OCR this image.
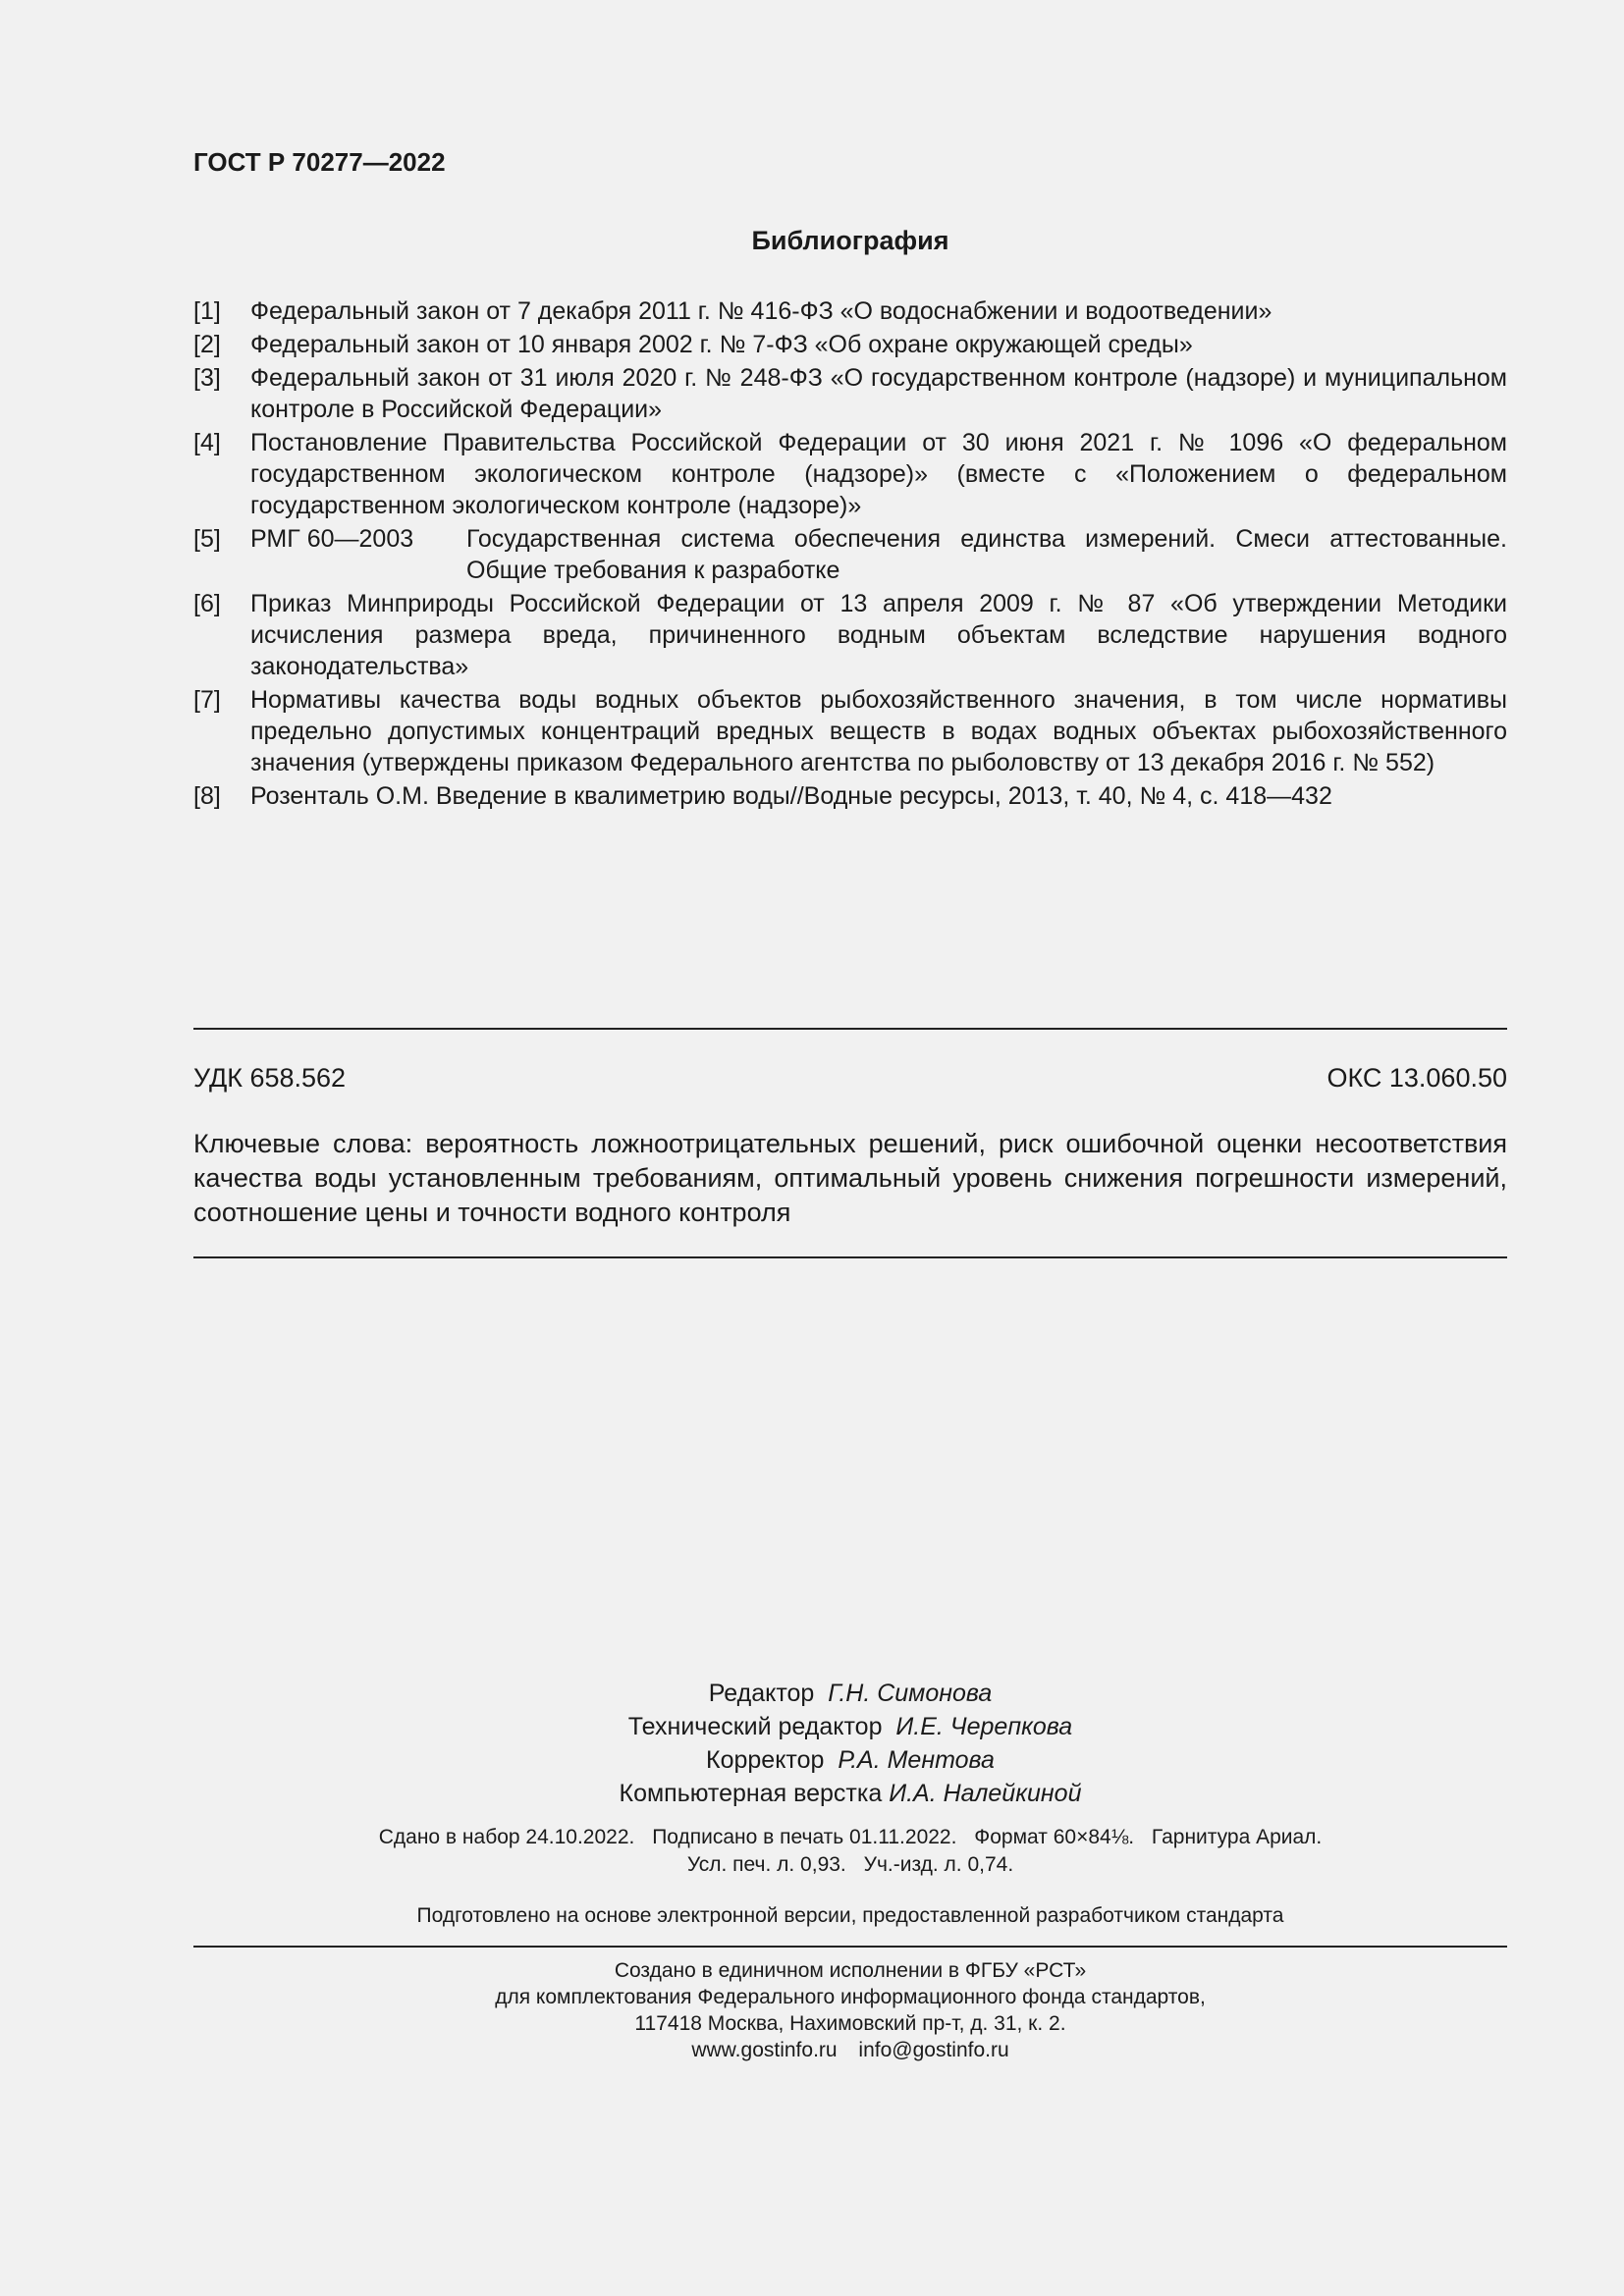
ГОСТ Р 70277—2022
Библиография
[1]	Федеральный закон от 7 декабря 2011 г. № 416-ФЗ «О водоснабжении и водоотведении»
[2]	Федеральный закон от 10 января 2002 г. № 7-ФЗ «Об охране окружающей среды»
[3]	Федеральный закон от 31 июля 2020 г. № 248-ФЗ «О государственном контроле (надзоре) и муниципальном контроле в Российской Федерации»
[4]	Постановление Правительства Российской Федерации от 30 июня 2021 г. № 1096 «О федеральном государственном экологическом контроле (надзоре)» (вместе с «Положением о федеральном государственном экологическом контроле (надзоре)»
[5]	РМГ 60—2003	Государственная система обеспечения единства измерений. Смеси аттестованные. Общие требования к разработке
[6]	Приказ Минприроды Российской Федерации от 13 апреля 2009 г. № 87 «Об утверждении Методики исчисления размера вреда, причиненного водным объектам вследствие нарушения водного законодательства»
[7]	Нормативы качества воды водных объектов рыбохозяйственного значения, в том числе нормативы предельно допустимых концентраций вредных веществ в водах водных объектах рыбохозяйственного значения (утверждены приказом Федерального агентства по рыболовству от 13 декабря 2016 г. № 552)
[8]	Розенталь О.М. Введение в квалиметрию воды//Водные ресурсы, 2013, т. 40, № 4, с. 418—432
УДК 658.562	ОКС 13.060.50
Ключевые слова: вероятность ложноотрицательных решений, риск ошибочной оценки несоответствия качества воды установленным требованиям, оптимальный уровень снижения погрешности измерений, соотношение цены и точности водного контроля
Редактор Г.Н. Симонова
Технический редактор И.Е. Черепкова
Корректор Р.А. Ментова
Компьютерная верстка И.А. Налейкиной
Сдано в набор 24.10.2022. Подписано в печать 01.11.2022. Формат 60×84⅛. Гарнитура Ариал.
Усл. печ. л. 0,93. Уч.-изд. л. 0,74.
Подготовлено на основе электронной версии, предоставленной разработчиком стандарта
Создано в единичном исполнении в ФГБУ «РСТ»
для комплектования Федерального информационного фонда стандартов,
117418 Москва, Нахимовский пр-т, д. 31, к. 2.
www.gostinfo.ru info@gostinfo.ru
